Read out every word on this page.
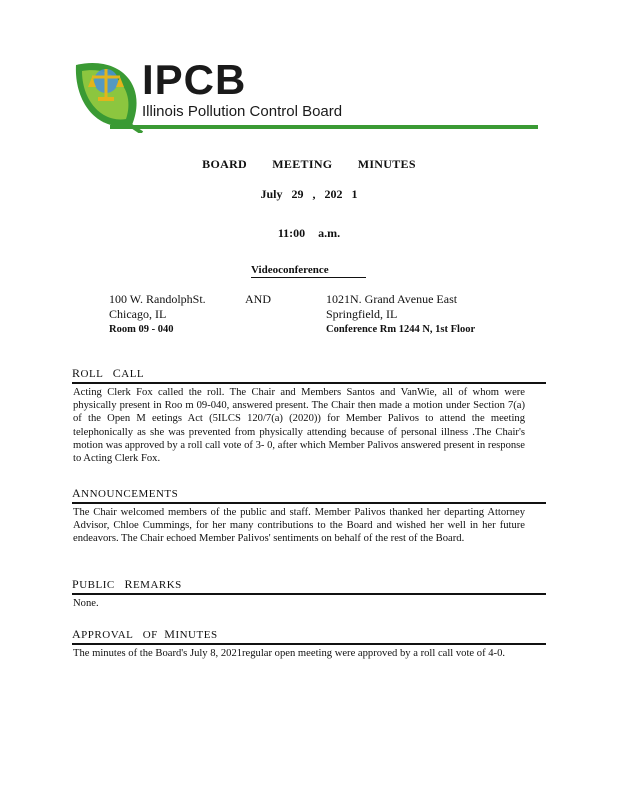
IPCB
Illinois Pollution Control Board
BOARD MEETING MINUTES
July 29 , 202 1
11:00 a.m.
Videoconference
100 W. RandolphSt.
Chicago, IL
Room 09 - 040
AND	1021N. Grand Avenue East
Springfield, IL
Conference Rm 1244 N, 1st Floor
ROLL CALL
Acting Clerk Fox called the roll. The Chair and Members Santos and VanWie, all of whom were physically present in Roo m 09-040, answered present. The Chair then made a motion under Section 7(a) of the Open M eetings Act (5ILCS 120/7(a) (2020)) for Member Palivos to attend the meeting telephonically as she was prevented from physically attending because of personal illness .The Chair's motion was approved by a roll call vote of 3- 0, after which Member Palivos answered present in response to Acting Clerk Fox.
ANNOUNCEMENTS
The Chair welcomed members of the public and staff. Member Palivos thanked her departing Attorney Advisor, Chloe Cummings, for her many contributions to the Board and wished her well in her future endeavors. The Chair echoed Member Palivos' sentiments on behalf of the rest of the Board.
PUBLIC REMARKS
None.
APPROVAL OF MINUTES
The minutes of the Board's July 8, 2021regular open meeting were approved by a roll call vote of 4-0.
